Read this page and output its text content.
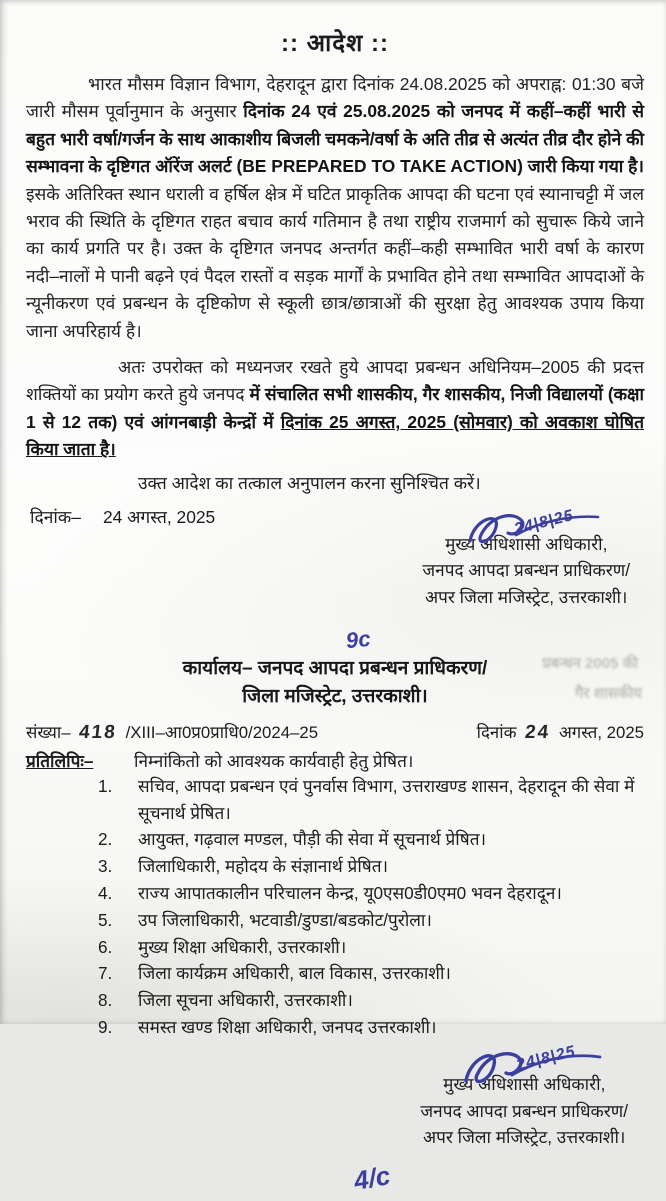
:: आदेश ::
भारत मौसम विज्ञान विभाग, देहरादून द्वारा दिनांक 24.08.2025 को अपराह्न: 01:30 बजे जारी मौसम पूर्वानुमान के अनुसार दिनांक 24 एवं 25.08.2025 को जनपद में कहीं–कहीं भारी से बहुत भारी वर्षा/गर्जन के साथ आकाशीय बिजली चमकने/वर्षा के अति तीव्र से अत्यंत तीव्र दौर होने की सम्भावना के दृष्टिगत ऑरेंज अलर्ट (BE PREPARED TO TAKE ACTION) जारी किया गया है। इसके अतिरिक्त स्थान धराली व हर्षिल क्षेत्र में घटित प्राकृतिक आपदा की घटना एवं स्यानाचट्टी में जल भराव की स्थिति के दृष्टिगत राहत बचाव कार्य गतिमान है तथा राष्ट्रीय राजमार्ग को सुचारू किये जाने का कार्य प्रगति पर है। उक्त के दृष्टिगत जनपद अन्तर्गत कहीं–कही सम्भावित भारी वर्षा के कारण नदी–नालों मे पानी बढ़ने एवं पैदल रास्तों व सड़क मार्गों के प्रभावित होने तथा सम्भावित आपदाओं के न्यूनीकरण एवं प्रबन्धन के दृष्टिकोण से स्कूली छात्र/छात्राओं की सुरक्षा हेतु आवश्यक उपाय किया जाना अपरिहार्य है।
अतः उपरोक्त को मध्यनजर रखते हुये आपदा प्रबन्धन अधिनियम–2005 की प्रदत्त शक्तियों का प्रयोग करते हुये जनपद में संचालित सभी शासकीय, गैर शासकीय, निजी विद्यालयों (कक्षा 1 से 12 तक) एवं आंगनबाड़ी केन्द्रों में दिनांक 25 अगस्त, 2025 (सोमवार) को अवकाश घोषित किया जाता है।
उक्त आदेश का तत्काल अनुपालन करना सुनिश्चित करें।
दिनांक– 24 अगस्त, 2025	24|8|25
मुख्य अधिशासी अधिकारी,
जनपद आपदा प्रबन्धन प्राधिकरण/
अपर जिला मजिस्ट्रेट, उत्तरकाशी।
9c
प्रबन्धन 2005 की
गैर शासकीय
कार्यालय– जनपद आपदा प्रबन्धन प्राधिकरण/
जिला मजिस्ट्रेट, उत्तरकाशी।
संख्या– 418 /XIII–आ0प्र0प्राधि0/2024–25	दिनांक 24 अगस्त, 2025
प्रतिलिपिः–	निम्नांकितो को आवश्यक कार्यवाही हेतु प्रेषित।
1.	सचिव, आपदा प्रबन्धन एवं पुनर्वास विभाग, उत्तराखण्ड शासन, देहरादून की सेवा में सूचनार्थ प्रेषित।
2.	आयुक्त, गढ़वाल मण्डल, पौड़ी की सेवा में सूचनार्थ प्रेषित।
3.	जिलाधिकारी, महोदय के संज्ञानार्थ प्रेषित।
4.	राज्य आपातकालीन परिचालन केन्द्र, यू0एस0डी0एम0 भवन देहरादून।
5.	उप जिलाधिकारी, भटवाडी/डुण्डा/बडकोट/पुरोला।
6.	मुख्य शिक्षा अधिकारी, उत्तरकाशी।
7.	जिला कार्यक्रम अधिकारी, बाल विकास, उत्तरकाशी।
8.	जिला सूचना अधिकारी, उत्तरकाशी।
9.	समस्त खण्ड शिक्षा अधिकारी, जनपद उत्तरकाशी।
24|8|25
मुख्य अधिशासी अधिकारी,
जनपद आपदा प्रबन्धन प्राधिकरण/
अपर जिला मजिस्ट्रेट, उत्तरकाशी।
4/c
